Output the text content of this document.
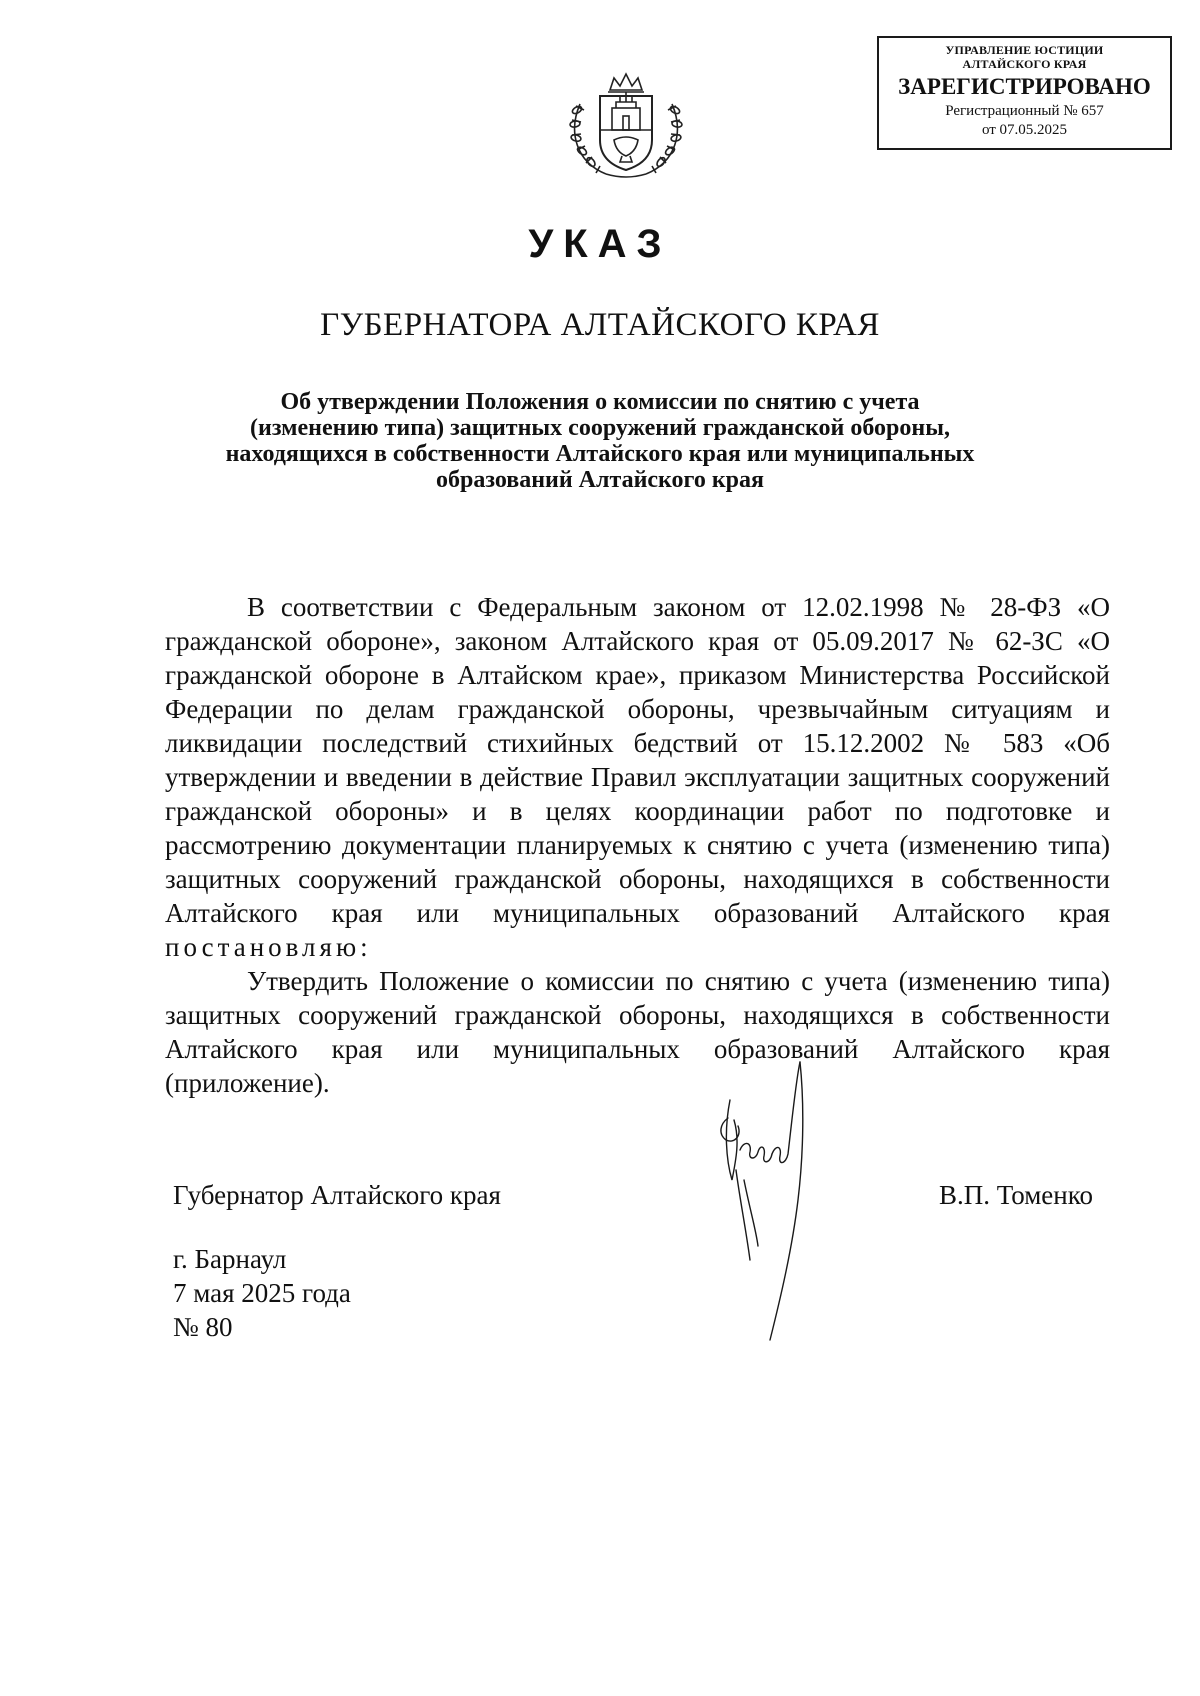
УПРАВЛЕНИЕ ЮСТИЦИИ
АЛТАЙСКОГО КРАЯ
ЗАРЕГИСТРИРОВАНО
Регистрационный № 657
от 07.05.2025
УКАЗ
ГУБЕРНАТОРА АЛТАЙСКОГО КРАЯ
Об утверждении Положения о комиссии по снятию с учета
(изменению типа) защитных сооружений гражданской обороны,
находящихся в собственности Алтайского края или муниципальных
образований Алтайского края

В соответствии с Федеральным законом от 12.02.1998 № 28-ФЗ «О гражданской обороне», законом Алтайского края от 05.09.2017 № 62-ЗС «О гражданской обороне в Алтайском крае», приказом Министерства Российской Федерации по делам гражданской обороны, чрезвычайным ситуациям и ликвидации последствий стихийных бедствий от 15.12.2002 № 583 «Об утверждении и введении в действие Правил эксплуатации защитных сооружений гражданской обороны» и в целях координации работ по подготовке и рассмотрению документации планируемых к снятию с учета (изменению типа) защитных сооружений гражданской обороны, находящихся в собственности Алтайского края или муниципальных образований Алтайского края постановляю:

Утвердить Положение о комиссии по снятию с учета (изменению типа) защитных сооружений гражданской обороны, находящихся в собственности Алтайского края или муниципальных образований Алтайского края (приложение).

Губернатор Алтайского края	В.П. Томенко
г. Барнаул
7 мая 2025 года
№ 80
